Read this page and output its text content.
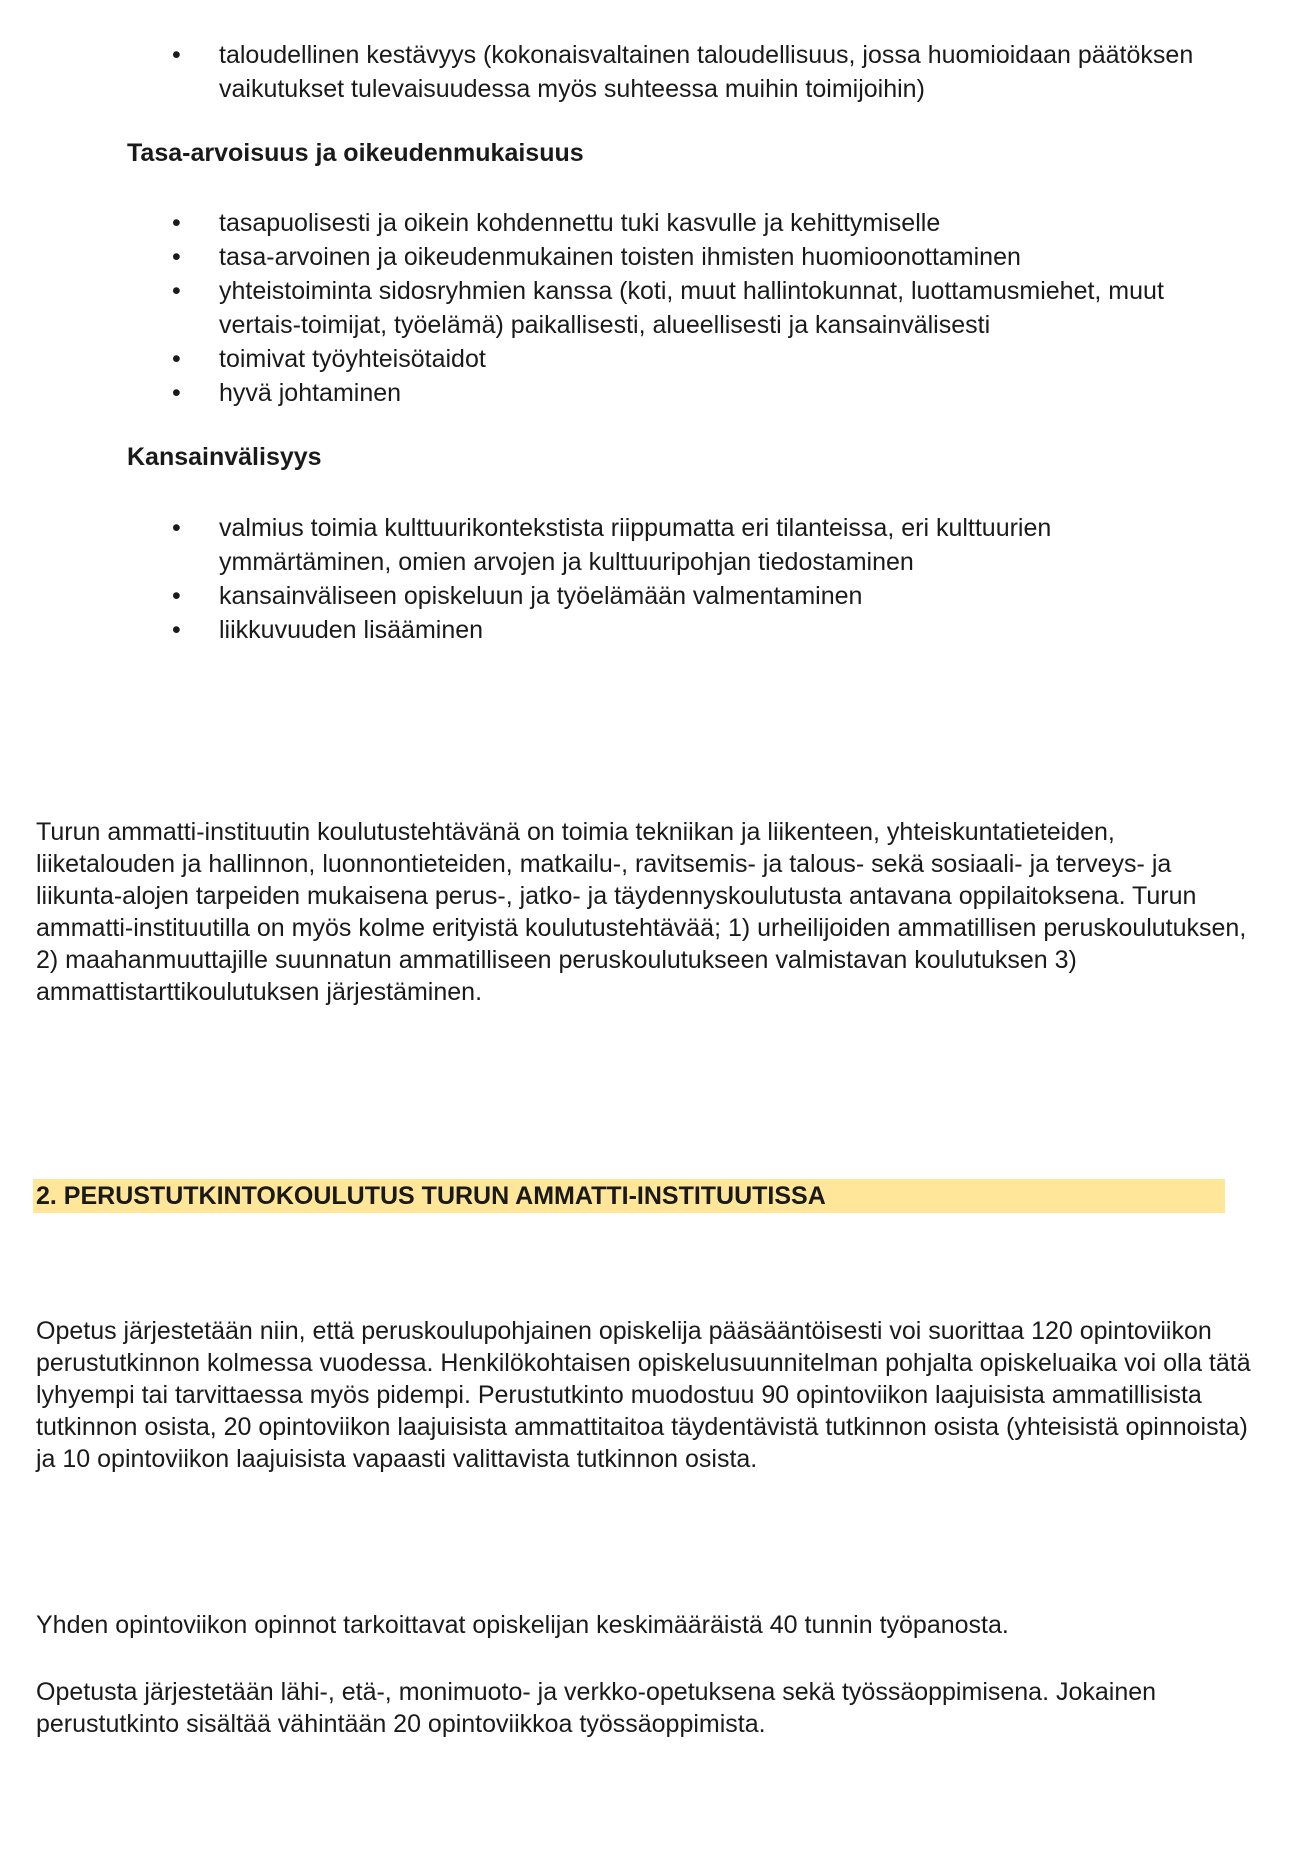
• taloudellinen kestävyys (kokonaisvaltainen taloudellisuus, jossa huomioidaan päätöksen vaikutukset tulevaisuudessa myös suhteessa muihin toimijoihin)
Tasa-arvoisuus ja oikeudenmukaisuus
• tasapuolisesti ja oikein kohdennettu tuki kasvulle ja kehittymiselle
• tasa-arvoinen ja oikeudenmukainen toisten ihmisten huomioonottaminen
• yhteistoiminta sidosryhmien kanssa (koti, muut hallintokunnat, luottamusmiehet, muut vertais-toimijat, työelämä) paikallisesti, alueellisesti ja kansainvälisesti
• toimivat työyhteisötaidot
• hyvä johtaminen
Kansainvälisyys
• valmius toimia kulttuurikontekstista riippumatta eri tilanteissa, eri kulttuurien ymmärtäminen, omien arvojen ja kulttuuripohjan tiedostaminen
• kansainväliseen opiskeluun ja työelämään valmentaminen
• liikkuvuuden lisääminen

Turun ammatti-instituutin koulutustehtävänä on toimia tekniikan ja liikenteen, yhteiskuntatieteiden, liiketalouden ja hallinnon, luonnontieteiden, matkailu-, ravitsemis- ja talous- sekä sosiaali- ja terveys- ja liikunta-alojen tarpeiden mukaisena perus-, jatko- ja täydennyskoulutusta antavana oppilaitoksena. Turun ammatti-instituutilla on myös kolme erityistä koulutustehtävää; 1) urheilijoiden ammatillisen peruskoulutuksen, 2) maahanmuuttajille suunnatun ammatilliseen peruskoulutukseen valmistavan koulutuksen 3) ammattistarttikoulutuksen järjestäminen.

2. PERUSTUTKINTOKOULUTUS TURUN AMMATTI-INSTITUUTISSA

Opetus järjestetään niin, että peruskoulupohjainen opiskelija pääsääntöisesti voi suorittaa 120 opintoviikon perustutkinnon kolmessa vuodessa. Henkilökohtaisen opiskelusuunnitelman pohjalta opiskeluaika voi olla tätä lyhyempi tai tarvittaessa myös pidempi. Perustutkinto muodostuu 90 opintoviikon laajuisista ammatillisista tutkinnon osista, 20 opintoviikon laajuisista ammattitaitoa täydentävistä tutkinnon osista (yhteisistä opinnoista) ja 10 opintoviikon laajuisista vapaasti valittavista tutkinnon osista.

Yhden opintoviikon opinnot tarkoittavat opiskelijan keskimääräistä 40 tunnin työpanosta.

Opetusta järjestetään lähi-, etä-, monimuoto- ja verkko-opetuksena sekä työssäoppimisena. Jokainen perustutkinto sisältää vähintään 20 opintoviikkoa työssäoppimista.
